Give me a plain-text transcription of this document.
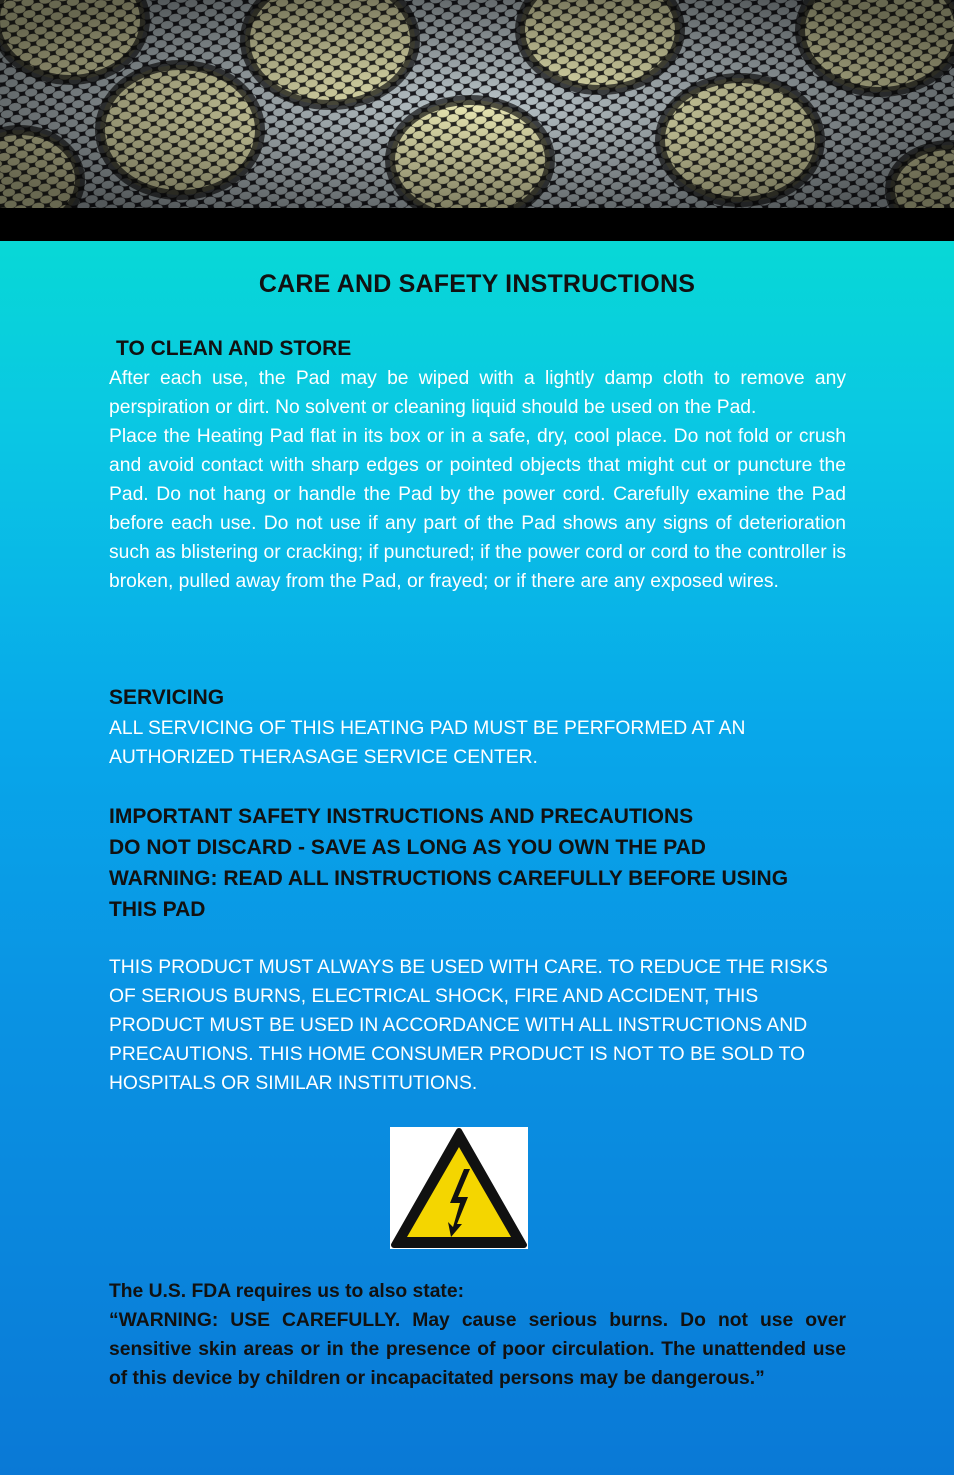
CARE AND SAFETY INSTRUCTIONS

TO CLEAN AND STORE

After each use, the Pad may be wiped with a lightly damp cloth to remove any perspiration or dirt. No solvent or cleaning liquid should be used on the Pad.

Place the Heating Pad flat in its box or in a safe, dry, cool place. Do not fold or crush and avoid contact with sharp edges or pointed objects that might cut or puncture the Pad. Do not hang or handle the Pad by the power cord. Carefully examine the Pad before each use. Do not use if any part of the Pad shows any signs of deterioration such as blistering or cracking; if punctured; if the power cord or cord to the controller is broken, pulled away from the Pad, or frayed; or if there are any exposed wires.

SERVICING

ALL SERVICING OF THIS HEATING PAD MUST BE PERFORMED AT AN AUTHORIZED THERASAGE SERVICE CENTER.

IMPORTANT SAFETY INSTRUCTIONS AND PRECAUTIONS

DO NOT DISCARD - SAVE AS LONG AS YOU OWN THE PAD

WARNING: READ ALL INSTRUCTIONS CAREFULLY BEFORE USING THIS PAD

THIS PRODUCT MUST ALWAYS BE USED WITH CARE. TO REDUCE THE RISKS OF SERIOUS BURNS, ELECTRICAL SHOCK, FIRE AND ACCIDENT, THIS PRODUCT MUST BE USED IN ACCORDANCE WITH ALL INSTRUCTIONS AND PRECAUTIONS. THIS HOME CONSUMER PRODUCT IS NOT TO BE SOLD TO HOSPITALS OR SIMILAR INSTITUTIONS.

The U.S. FDA requires us to also state:

“WARNING: USE CAREFULLY. May cause serious burns. Do not use over sensitive skin areas or in the presence of poor circulation. The unattended use of this device by children or incapacitated persons may be dangerous.”
